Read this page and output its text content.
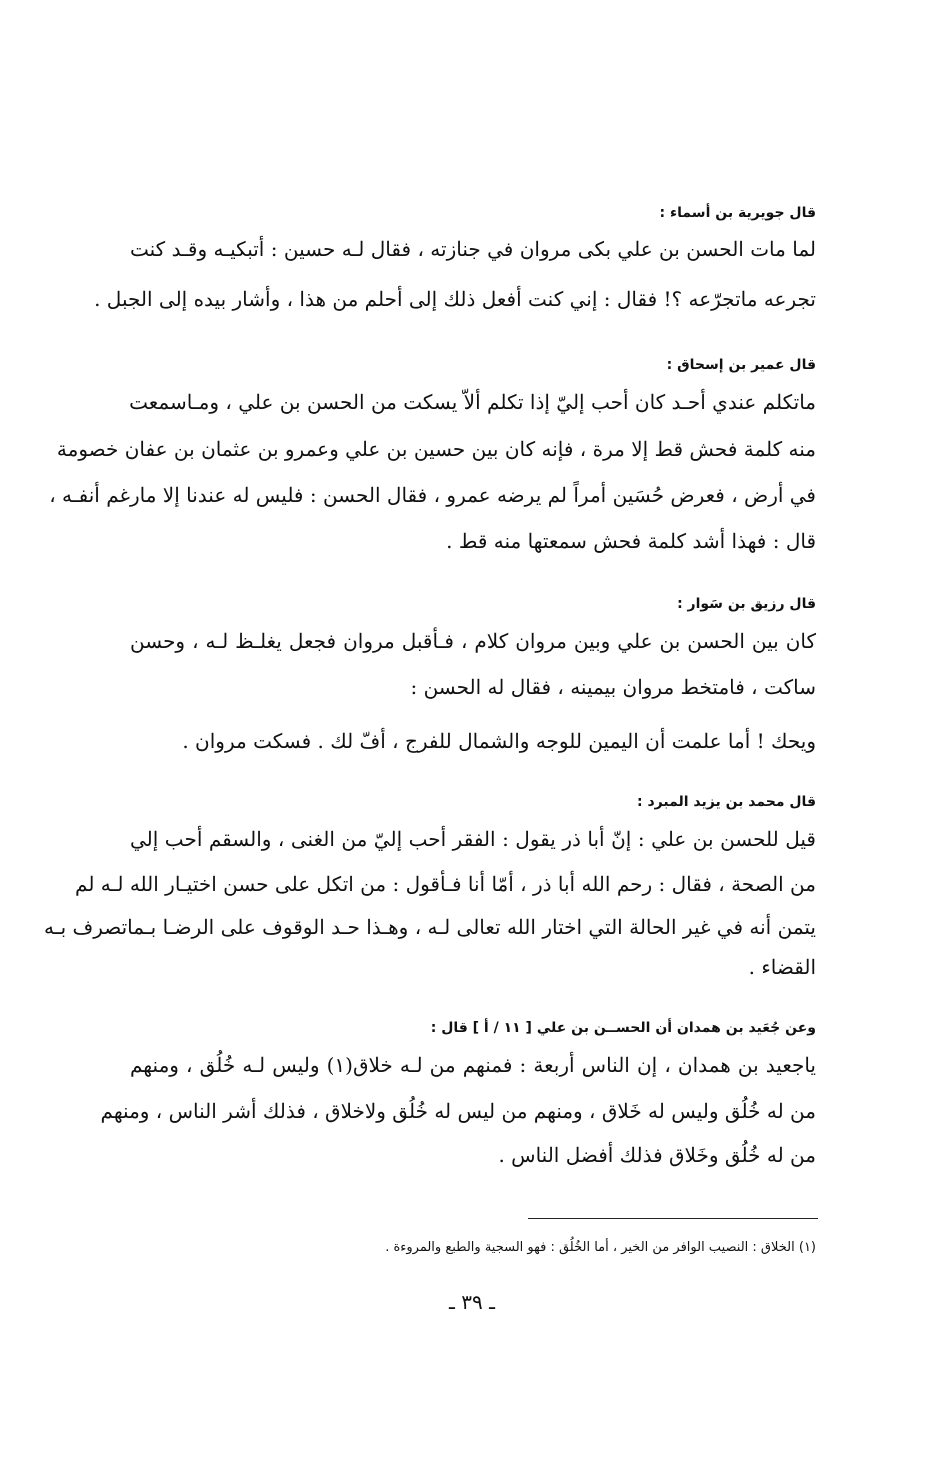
قال جويرية بن أسماء :
لما مات الحسن بن علي بكى مروان في جنازته ، فقال لـه حسين : أتبكيـه وقـد كنت
تجرعه ماتجرّعه ؟! فقال : إني كنت أفعل ذلك إلى أحلم من هذا ، وأشار بيده إلى الجبل .
قال عمير بن إسحاق :
ماتكلم عندي أحـد كان أحب إليّ إذا تكلم ألاّ يسكت من الحسن بن علي ، ومـاسمعت
منه كلمة فحش قط إلا مرة ، فإنه كان بين حسين بن علي وعمرو بن عثمان بن عفان خصومة
في أرض ، فعرض حُسَين أمراً لم يرضه عمرو ، فقال الحسن : فليس له عندنا إلا مارغم أنفـه ،
قال : فهذا أشد كلمة فحش سمعتها منه قط .
قال رزيق بن سَوار :
كان بين الحسن بن علي وبين مروان كلام ، فـأقبل مروان فجعل يغلـظ لـه ، وحسن
ساكت ، فامتخط مروان بيمينه ، فقال له الحسن :
ويحك ! أما علمت أن اليمين للوجه والشمال للفرج ، أفّ لك . فسكت مروان .
قال محمد بن يزيد المبرد :
قيل للحسن بن علي : إنّ أبا ذر يقول : الفقر أحب إليّ من الغنى ، والسقم أحب إلي
من الصحة ، فقال : رحم الله أبا ذر ، أمّا أنا فـأقول : من اتكل على حسن اختيـار الله لـه لم
يتمن أنه في غير الحالة التي اختار الله تعالى لـه ، وهـذا حـد الوقوف على الرضـا بـماتصرف بـه
القضاء .
وعن جُعَيد بن همدان أن الحســن بن علي [ ١١ / أ ] قال :
ياجعيد بن همدان ، إن الناس أربعة : فمنهم من لـه خلاق(١) وليس لـه خُلُق ، ومنهم
من له خُلُق وليس له خَلاق ، ومنهم من ليس له خُلُق ولاخلاق ، فذلك أشر الناس ، ومنهم
من له خُلُق وخَلاق فذلك أفضل الناس .
(١) الخلاق : النصيب الوافر من الخير ، أما الخُلُق : فهو السجية والطبع والمروءة .
ـ ٣٩ ـ
